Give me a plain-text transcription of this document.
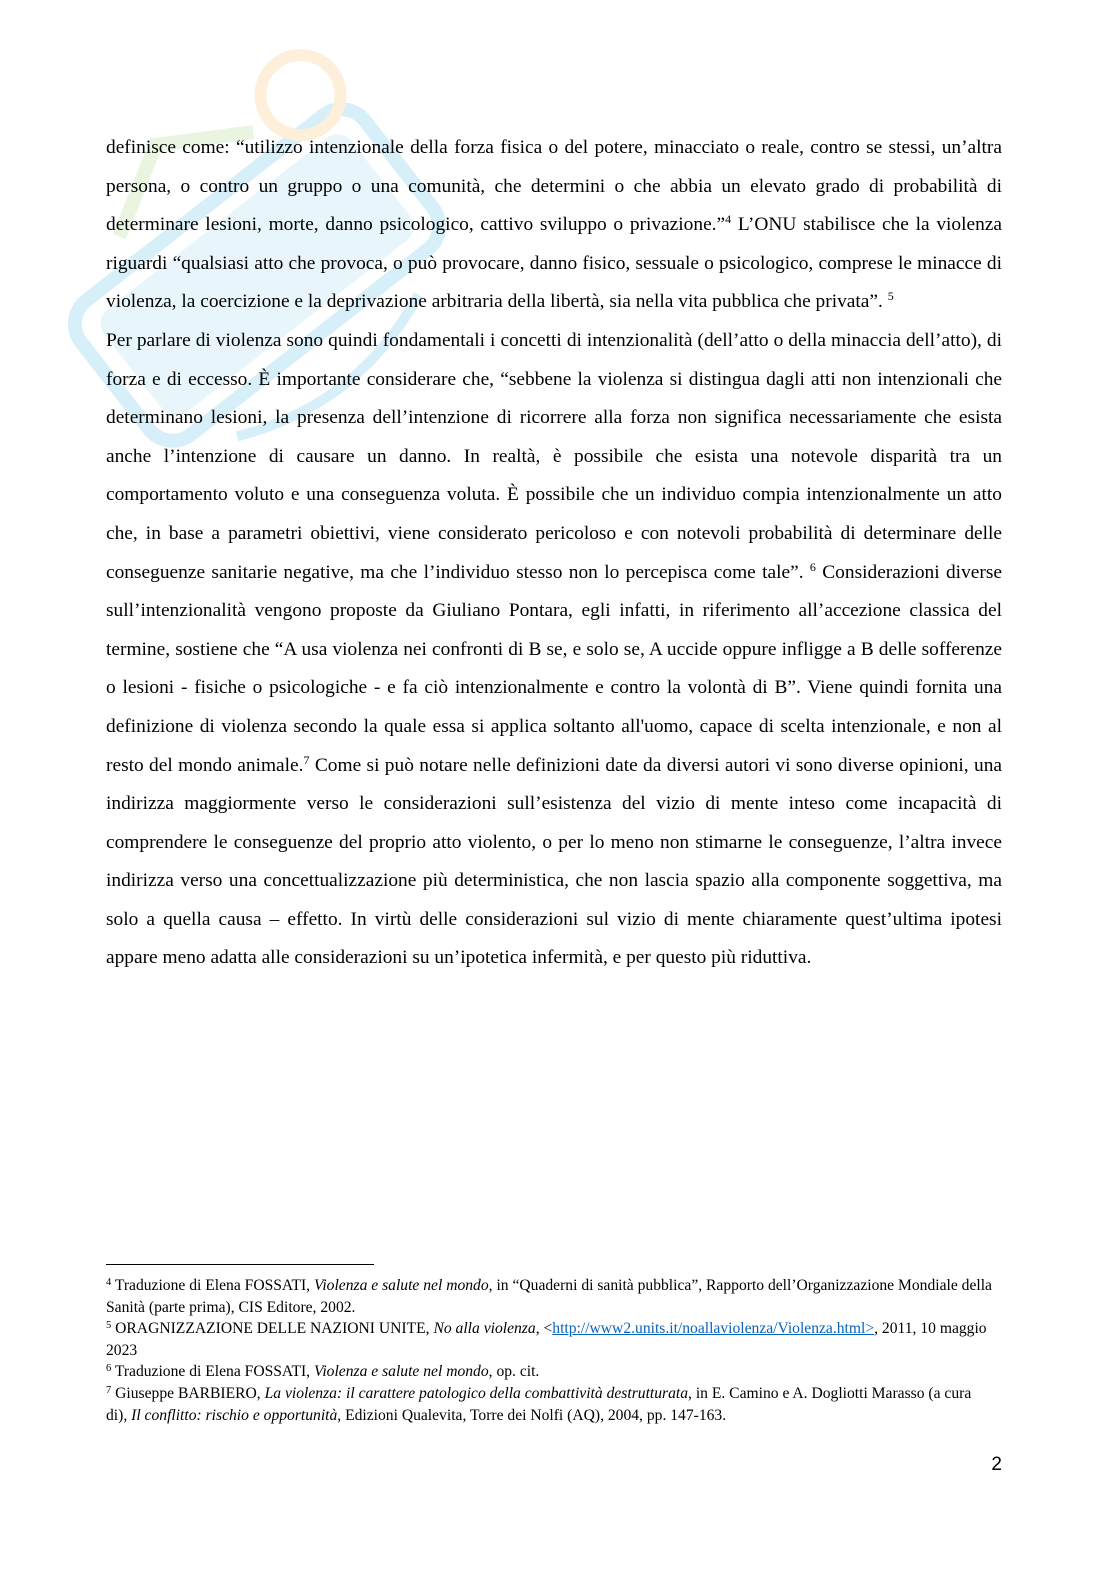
definisce come: “utilizzo intenzionale della forza fisica o del potere, minacciato o reale, contro se stessi, un’altra persona, o contro un gruppo o una comunità, che determini o che abbia un elevato grado di probabilità di determinare lesioni, morte, danno psicologico, cattivo sviluppo o privazione.”$^4$ L’ONU stabilisce che la violenza riguardi “qualsiasi atto che provoca, o può provocare, danno fisico, sessuale o psicologico, comprese le minacce di violenza, la coercizione e la deprivazione arbitraria della libertà, sia nella vita pubblica che privata”. $^5$

Per parlare di violenza sono quindi fondamentali i concetti di intenzionalità (dell’atto o della minaccia dell’atto), di forza e di eccesso. È importante considerare che, “sebbene la violenza si distingua dagli atti non intenzionali che determinano lesioni, la presenza dell’intenzione di ricorrere alla forza non significa necessariamente che esista anche l’intenzione di causare un danno. In realtà, è possibile che esista una notevole disparità tra un comportamento voluto e una conseguenza voluta. È possibile che un individuo compia intenzionalmente un atto che, in base a parametri obiettivi, viene considerato pericoloso e con notevoli probabilità di determinare delle conseguenze sanitarie negative, ma che l’individuo stesso non lo percepisca come tale”. $^6$ Considerazioni diverse sull’intenzionalità vengono proposte da Giuliano Pontara, egli infatti, in riferimento all’accezione classica del termine, sostiene che “A usa violenza nei confronti di B se, e solo se, A uccide oppure infligge a B delle sofferenze o lesioni - fisiche o psicologiche - e fa ciò intenzionalmente e contro la volontà di B”. Viene quindi fornita una definizione di violenza secondo la quale essa si applica soltanto all'uomo, capace di scelta intenzionale, e non al resto del mondo animale.$^7$ Come si può notare nelle definizioni date da diversi autori vi sono diverse opinioni, una indirizza maggiormente verso le considerazioni sull’esistenza del vizio di mente inteso come incapacità di comprendere le conseguenze del proprio atto violento, o per lo meno non stimarne le conseguenze, l’altra invece indirizza verso una concettualizzazione più deterministica, che non lascia spazio alla componente soggettiva, ma solo a quella causa – effetto. In virtù delle considerazioni sul vizio di mente chiaramente quest’ultima ipotesi appare meno adatta alle considerazioni su un’ipotetica infermità, e per questo più riduttiva.

$^4$ Traduzione di Elena FOSSATI, Violenza e salute nel mondo, in “Quaderni di sanità pubblica”, Rapporto dell’Organizzazione Mondiale della Sanità (parte prima), CIS Editore, 2002.

$^5$ ORAGNIZZAZIONE DELLE NAZIONI UNITE, No alla violenza, <http://www2.units.it/noallaviolenza/Violenza.html>, 2011, 10 maggio 2023

$^6$ Traduzione di Elena FOSSATI, Violenza e salute nel mondo, op. cit.

$^7$ Giuseppe BARBIERO, La violenza: il carattere patologico della combattività destrutturata, in E. Camino e A. Dogliotti Marasso (a cura di), Il conflitto: rischio e opportunità, Edizioni Qualevita, Torre dei Nolfi (AQ), 2004, pp. 147-163.

2
